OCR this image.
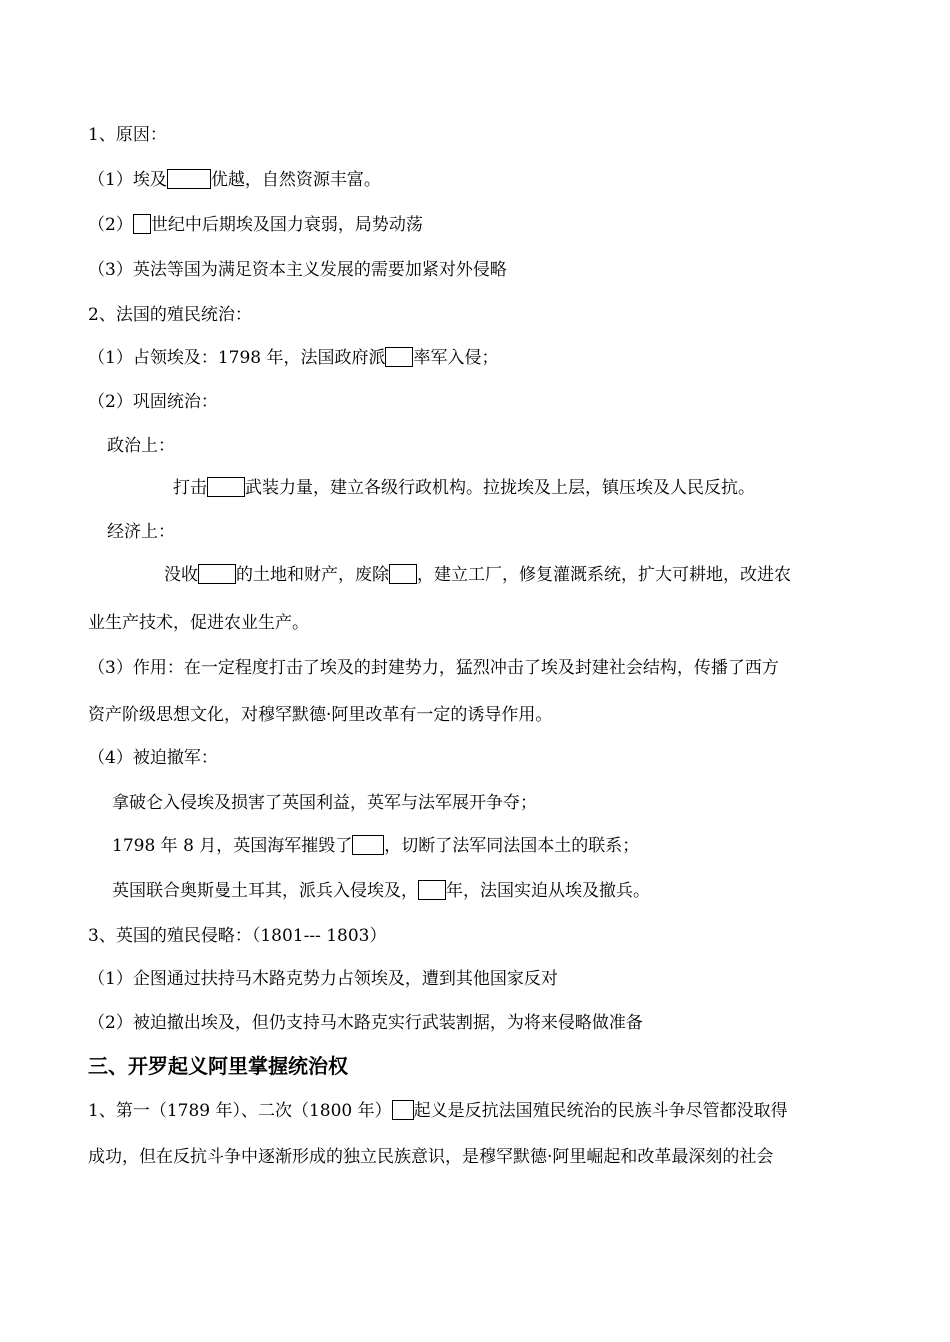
1、原因：
（1）埃及	优越，自然资源丰富。
（2） 世纪中后期埃及国力衰弱，局势动荡
（3）英法等国为满足资本主义发展的需要加紧对外侵略
2、法国的殖民统治：
（1）占领埃及：1798 年，法国政府派 率军入侵；
（2）巩固统治：
政治上：
打击 武装力量，建立各级行政机构。拉拢埃及上层，镇压埃及人民反抗。
经济上：
没收 的土地和财产，废除 ，建立工厂，修复灌溉系统，扩大可耕地，改进农
业生产技术，促进农业生产。
（3）作用：在一定程度打击了埃及的封建势力，猛烈冲击了埃及封建社会结构，传播了西方
资产阶级思想文化，对穆罕默德·阿里改革有一定的诱导作用。
（4）被迫撤军：
拿破仑入侵埃及损害了英国利益，英军与法军展开争夺；
1798 年 8 月，英国海军摧毁了 ，切断了法军同法国本土的联系；
英国联合奥斯曼土耳其，派兵入侵埃及， 年，法国实迫从埃及撤兵。
3、英国的殖民侵略：（1801--- 1803）
（1）企图通过扶持马木路克势力占领埃及，遭到其他国家反对
（2）被迫撤出埃及，但仍支持马木路克实行武装割据，为将来侵略做准备
三、开罗起义阿里掌握统治权
1、第一（1789 年）、二次（1800 年） 起义是反抗法国殖民统治的民族斗争尽管都没取得
成功，但在反抗斗争中逐渐形成的独立民族意识，是穆罕默德·阿里崛起和改革最深刻的社会
